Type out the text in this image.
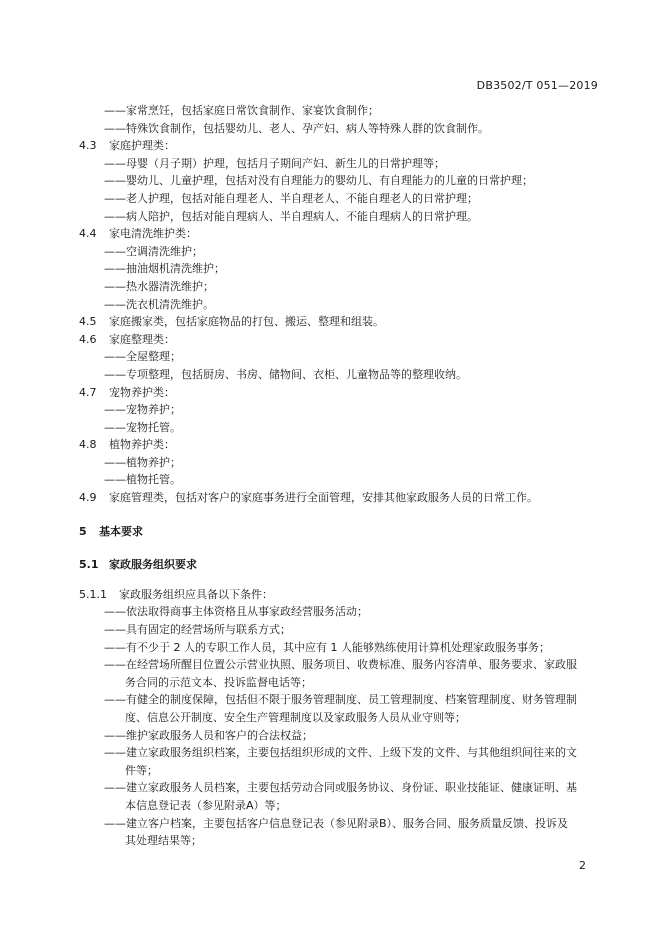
DB3502/T 051—2019
——家常烹饪，包括家庭日常饮食制作、家宴饮食制作；
——特殊饮食制作，包括婴幼儿、老人、孕产妇、病人等特殊人群的饮食制作。
4.3 家庭护理类：
——母婴（月子期）护理，包括月子期间产妇、新生儿的日常护理等；
——婴幼儿、儿童护理，包括对没有自理能力的婴幼儿、有自理能力的儿童的日常护理；
——老人护理，包括对能自理老人、半自理老人、不能自理老人的日常护理；
——病人陪护，包括对能自理病人、半自理病人、不能自理病人的日常护理。
4.4 家电清洗维护类：
——空调清洗维护；
——抽油烟机清洗维护；
——热水器清洗维护；
——洗衣机清洗维护。
4.5 家庭搬家类，包括家庭物品的打包、搬运、整理和组装。
4.6 家庭整理类：
——全屋整理；
——专项整理，包括厨房、书房、储物间、衣柜、儿童物品等的整理收纳。
4.7 宠物养护类：
——宠物养护；
——宠物托管。
4.8 植物养护类：
——植物养护；
——植物托管。
4.9 家庭管理类，包括对客户的家庭事务进行全面管理，安排其他家政服务人员的日常工作。
5 基本要求
5.1 家政服务组织要求
5.1.1 家政服务组织应具备以下条件：
——依法取得商事主体资格且从事家政经营服务活动；
——具有固定的经营场所与联系方式；
——有不少于 2 人的专职工作人员，其中应有 1 人能够熟练使用计算机处理家政服务事务；
——在经营场所醒目位置公示营业执照、服务项目、收费标准、服务内容清单、服务要求、家政服
务合同的示范文本、投诉监督电话等；
——有健全的制度保障，包括但不限于服务管理制度、员工管理制度、档案管理制度、财务管理制
度、信息公开制度、安全生产管理制度以及家政服务人员从业守则等；
——维护家政服务人员和客户的合法权益；
——建立家政服务组织档案，主要包括组织形成的文件、上级下发的文件、与其他组织间往来的文
件等；
——建立家政服务人员档案，主要包括劳动合同或服务协议、身份证、职业技能证、健康证明、基
本信息登记表（参见附录A）等；
——建立客户档案，主要包括客户信息登记表（参见附录B）、服务合同、服务质量反馈、投诉及
其处理结果等；
2
